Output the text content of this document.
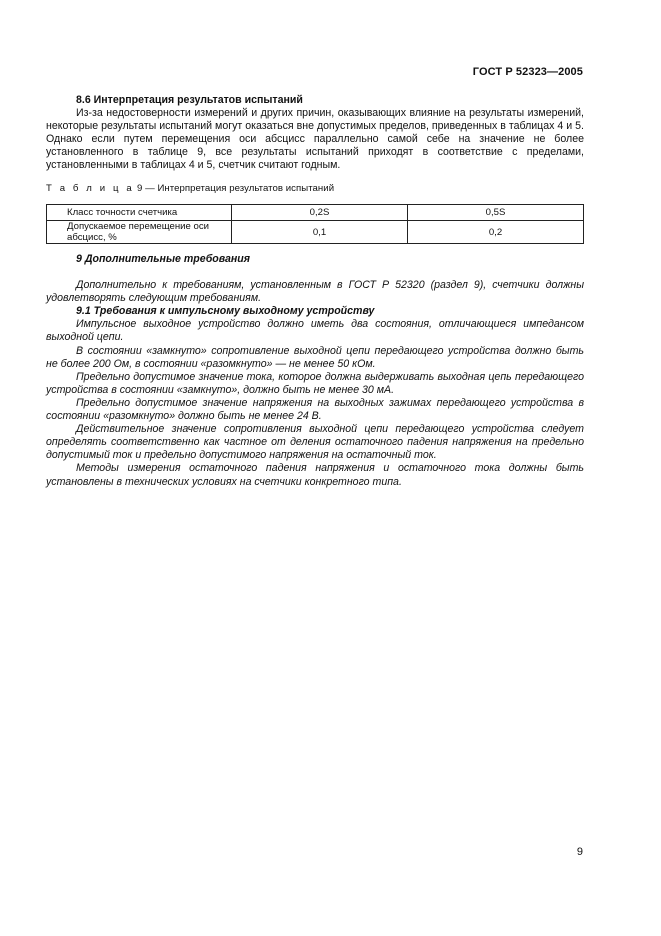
ГОСТ Р 52323—2005

8.6 Интерпретация результатов испытаний

Из-за недостоверности измерений и других причин, оказывающих влияние на результаты измерений, некоторые результаты испытаний могут оказаться вне допустимых пределов, приведенных в таблицах 4 и 5. Однако если путем перемещения оси абсцисс параллельно самой себе на значение не более установленного в таблице 9, все результаты испытаний приходят в соответствие с пределами, установленными в таблицах 4 и 5, счетчик считают годным.

Т а б л и ц а 9 — Интерпретация результатов испытаний
Класс точности счетчика	0,2S	0,5S
Допускаемое перемещение оси абсцисс, %	0,1	0,2

9 Дополнительные требования

Дополнительно к требованиям, установленным в ГОСТ Р 52320 (раздел 9), счетчики должны удовлетворять следующим требованиям.

9.1 Требования к импульсному выходному устройству

Импульсное выходное устройство должно иметь два состояния, отличающиеся импедансом выходной цепи.

В состоянии «замкнуто» сопротивление выходной цепи передающего устройства должно быть не более 200 Ом, в состоянии «разомкнуто» — не менее 50 кОм.

Предельно допустимое значение тока, которое должна выдерживать выходная цепь передающего устройства в состоянии «замкнуто», должно быть не менее 30 мА.

Предельно допустимое значение напряжения на выходных зажимах передающего устройства в состоянии «разомкнуто» должно быть не менее 24 В.

Действительное значение сопротивления выходной цепи передающего устройства следует определять соответственно как частное от деления остаточного падения напряжения на предельно допустимый ток и предельно допустимого напряжения на остаточный ток.

Методы измерения остаточного падения напряжения и остаточного тока должны быть установлены в технических условиях на счетчики конкретного типа.

9
